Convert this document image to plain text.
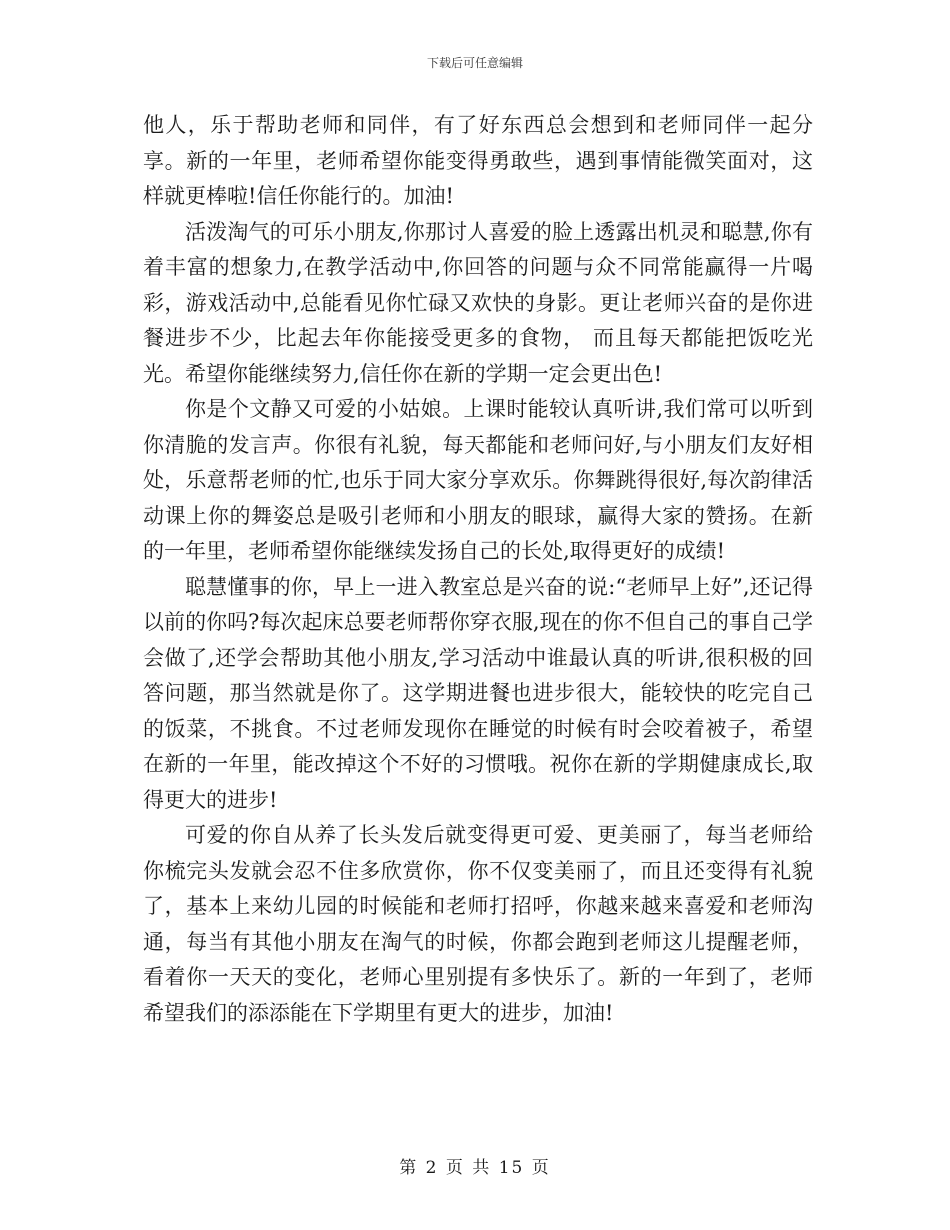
下载后可任意编辑

他人，乐于帮助老师和同伴，有了好东西总会想到和老师同伴一起分享。新的一年里，老师希望你能变得勇敢些，遇到事情能微笑面对，这样就更棒啦!信任你能行的。加油!

活泼淘气的可乐小朋友,你那讨人喜爱的脸上透露出机灵和聪慧,你有着丰富的想象力,在教学活动中,你回答的问题与众不同常能赢得一片喝彩，游戏活动中,总能看见你忙碌又欢快的身影。更让老师兴奋的是你进餐进步不少，比起去年你能接受更多的食物， 而且每天都能把饭吃光光。希望你能继续努力,信任你在新的学期一定会更出色!

你是个文静又可爱的小姑娘。上课时能较认真听讲,我们常可以听到你清脆的发言声。你很有礼貌，每天都能和老师问好,与小朋友们友好相处，乐意帮老师的忙,也乐于同大家分享欢乐。你舞跳得很好,每次韵律活动课上你的舞姿总是吸引老师和小朋友的眼球，赢得大家的赞扬。在新的一年里，老师希望你能继续发扬自己的长处,取得更好的成绩!

聪慧懂事的你，早上一进入教室总是兴奋的说:“老师早上好”,还记得以前的你吗?每次起床总要老师帮你穿衣服,现在的你不但自己的事自己学会做了,还学会帮助其他小朋友,学习活动中谁最认真的听讲,很积极的回答问题，那当然就是你了。这学期进餐也进步很大，能较快的吃完自己的饭菜，不挑食。不过老师发现你在睡觉的时候有时会咬着被子，希望在新的一年里，能改掉这个不好的习惯哦。祝你在新的学期健康成长,取得更大的进步!

可爱的你自从养了长头发后就变得更可爱、更美丽了，每当老师给你梳完头发就会忍不住多欣赏你，你不仅变美丽了，而且还变得有礼貌了，基本上来幼儿园的时候能和老师打招呼，你越来越来喜爱和老师沟通，每当有其他小朋友在淘气的时候，你都会跑到老师这儿提醒老师，看着你一天天的变化，老师心里别提有多快乐了。新的一年到了，老师希望我们的添添能在下学期里有更大的进步，加油!

第 2 页 共 15 页
